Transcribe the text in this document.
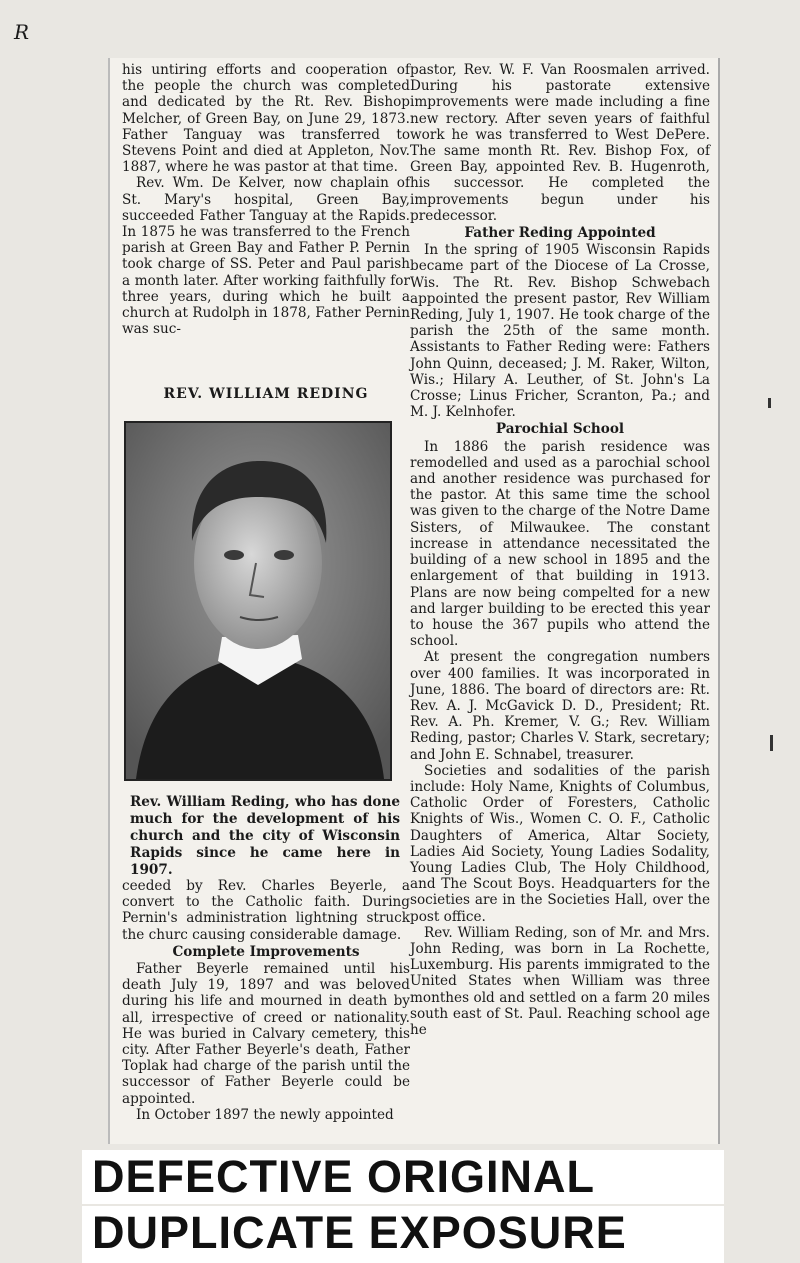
R

his untiring efforts and cooperation of the people the church was completed and dedicated by the Rt. Rev. Bishop Melcher, of Green Bay, on June 29, 1873. Father Tanguay was transferred to Stevens Point and died at Appleton, Nov. 1887, where he was pastor at that time.

Rev. Wm. De Kelver, now chaplain of St. Mary's hospital, Green Bay, succeeded Father Tanguay at the Rapids. In 1875 he was transferred to the French parish at Green Bay and Father P. Pernin took charge of SS. Peter and Paul parish a month later. After working faithfully for three years, during which he built a church at Rudolph in 1878, Father Pernin was suc-

REV. WILLIAM REDING
Rev. William Reding, who has done much for the development of his church and the city of Wisconsin Rapids since he came here in 1907.

ceeded by Rev. Charles Beyerle, a convert to the Catholic faith. During Pernin's administration lightning struck the churc causing considerable damage.

Complete Improvements

Father Beyerle remained until his death July 19, 1897 and was beloved during his life and mourned in death by all, irrespective of creed or nationality. He was buried in Calvary cemetery, this city. After Father Beyerle's death, Father Toplak had charge of the parish until the successor of Father Beyerle could be appointed.

In October 1897 the newly appointed

pastor, Rev. W. F. Van Roosmalen arrived. During his pastorate extensive improvements were made including a fine new rectory. After seven years of faithful work he was transferred to West DePere. The same month Rt. Rev. Bishop Fox, of Green Bay, appointed Rev. B. Hugenroth, his successor. He completed the improvements begun under his predecessor.

Father Reding Appointed

In the spring of 1905 Wisconsin Rapids became part of the Diocese of La Crosse, Wis. The Rt. Rev. Bishop Schwebach appointed the present pastor, Rev William Reding, July 1, 1907. He took charge of the parish the 25th of the same month. Assistants to Father Reding were: Fathers John Quinn, deceased; J. M. Raker, Wilton, Wis.; Hilary A. Leuther, of St. John's La Crosse; Linus Fricher, Scranton, Pa.; and M. J. Kelnhofer.

Parochial School

In 1886 the parish residence was remodelled and used as a parochial school and another residence was purchased for the pastor. At this same time the school was given to the charge of the Notre Dame Sisters, of Milwaukee. The constant increase in attendance necessitated the building of a new school in 1895 and the enlargement of that building in 1913. Plans are now being compelted for a new and larger building to be erected this year to house the 367 pupils who attend the school.

At present the congregation numbers over 400 families. It was incorporated in June, 1886. The board of directors are: Rt. Rev. A. J. McGavick D. D., President; Rt. Rev. A. Ph. Kremer, V. G.; Rev. William Reding, pastor; Charles V. Stark, secretary; and John E. Schnabel, treasurer.

Societies and sodalities of the parish include: Holy Name, Knights of Columbus, Catholic Order of Foresters, Catholic Knights of Wis., Women C. O. F., Catholic Daughters of America, Altar Society, Ladies Aid Society, Young Ladies Sodality, Young Ladies Club, The Holy Childhood, and The Scout Boys. Headquarters for the societies are in the Societies Hall, over the post office.

Rev. William Reding, son of Mr. and Mrs. John Reding, was born in La Rochette, Luxemburg. His parents immigrated to the United States when William was three monthes old and settled on a farm 20 miles south east of St. Paul. Reaching school age he

DEFECTIVE ORIGINAL
DUPLICATE EXPOSURE
